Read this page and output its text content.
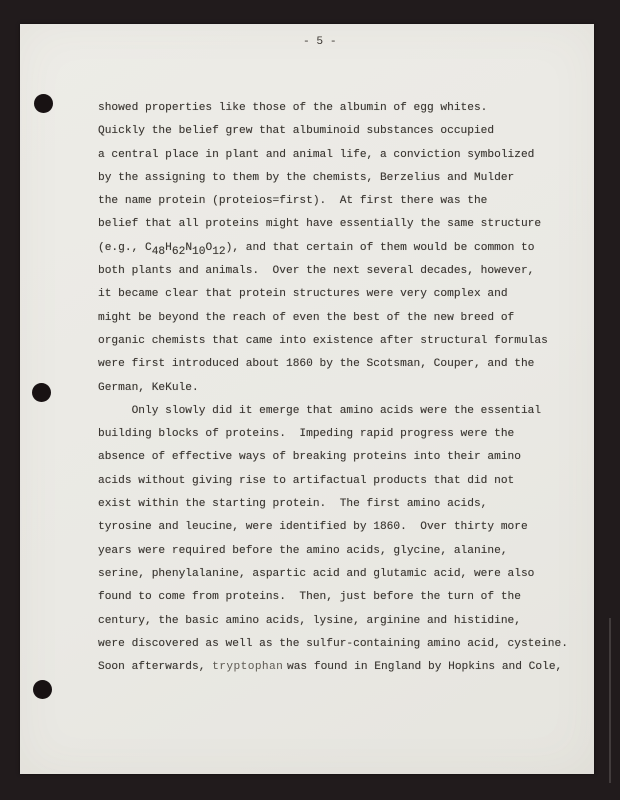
- 5 -
showed properties like those of the albumin of egg whites.
Quickly the belief grew that albuminoid substances occupied
a central place in plant and animal life, a conviction symbolized
by the assigning to them by the chemists, Berzelius and Mulder
the name protein (proteios=first).  At first there was the
belief that all proteins might have essentially the same structure
(e.g., C48H62N10O12), and that certain of them would be common to
both plants and animals.  Over the next several decades, however,
it became clear that protein structures were very complex and
might be beyond the reach of even the best of the new breed of
organic chemists that came into existence after structural formulas
were first introduced about 1860 by the Scotsman, Couper, and the
German, KeKule.
Only slowly did it emerge that amino acids were the essential
building blocks of proteins.  Impeding rapid progress were the
absence of effective ways of breaking proteins into their amino
acids without giving rise to artifactual products that did not
exist within the starting protein.  The first amino acids,
tyrosine and leucine, were identified by 1860.  Over thirty more
years were required before the amino acids, glycine, alanine,
serine, phenylalanine, aspartic acid and glutamic acid, were also
found to come from proteins.  Then, just before the turn of the
century, the basic amino acids, lysine, arginine and histidine,
were discovered as well as the sulfur-containing amino acid, cysteine.
Soon afterwards, tryptophan was found in England by Hopkins and Cole,
